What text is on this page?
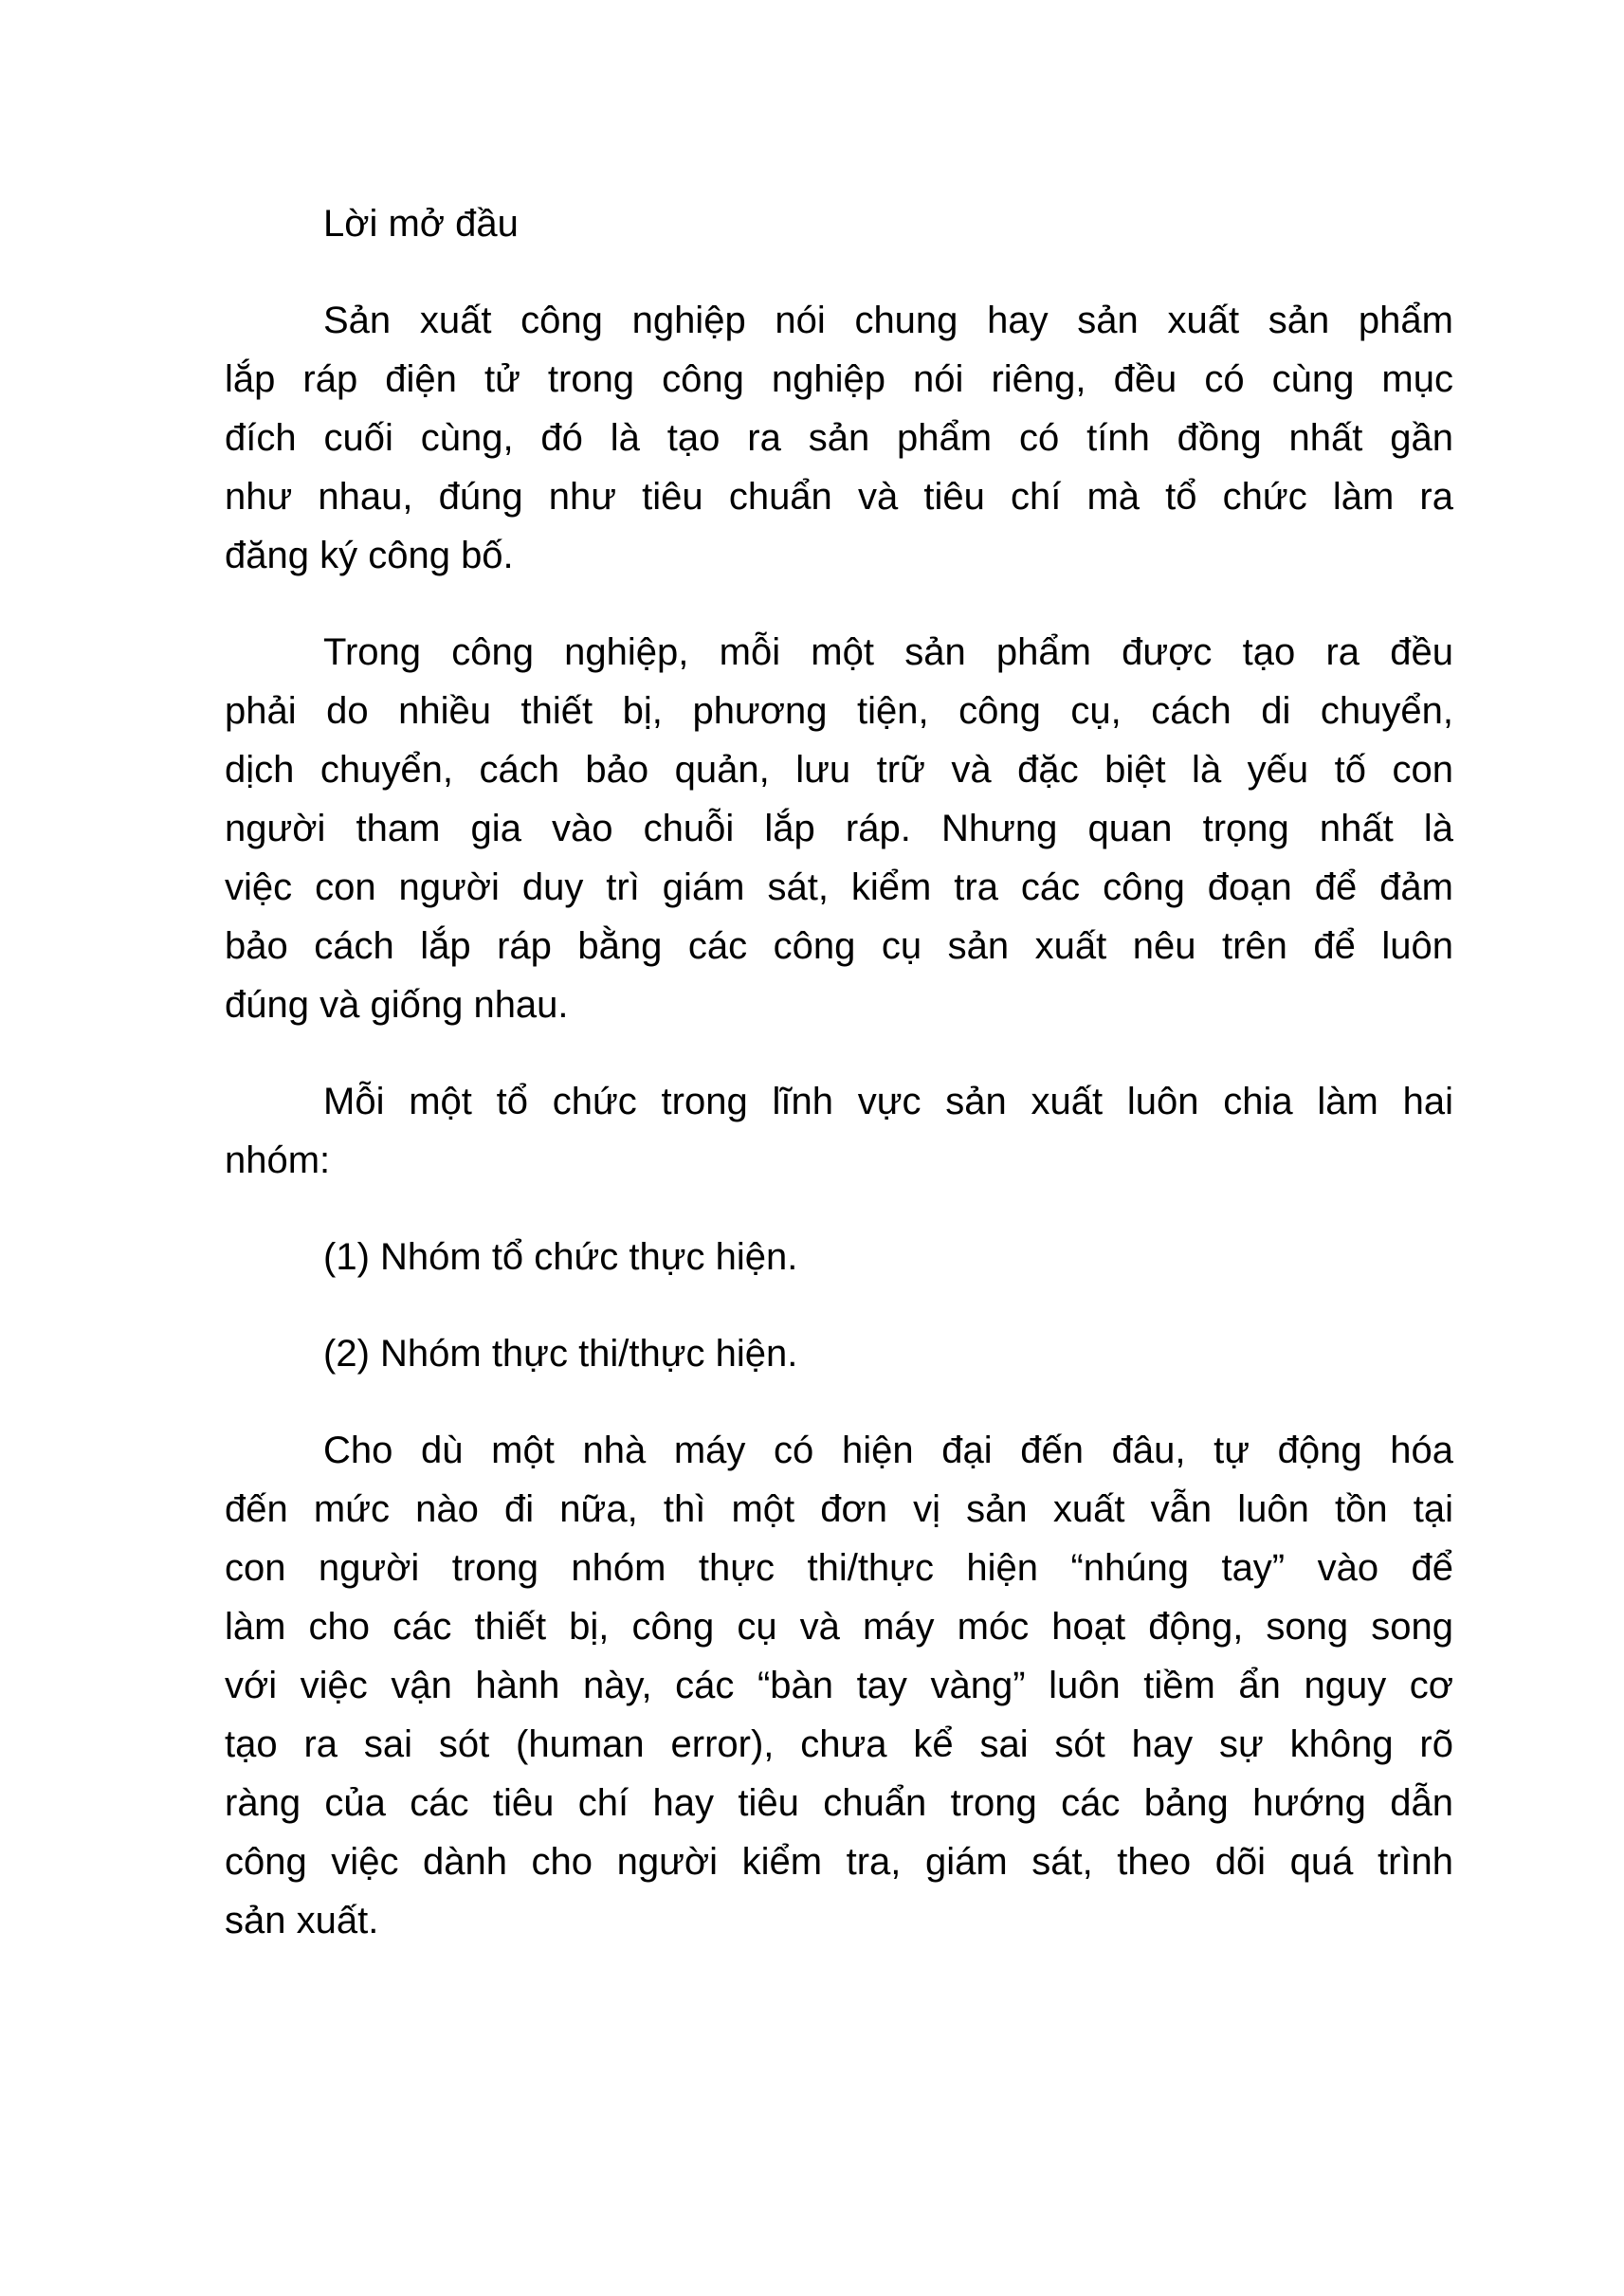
Lời mở đầu
Sản xuất công nghiệp nói chung hay sản xuất sản phẩm
lắp ráp điện tử trong công nghiệp nói riêng, đều có cùng mục
đích cuối cùng, đó là tạo ra sản phẩm có tính đồng nhất gần
như nhau, đúng như tiêu chuẩn và tiêu chí mà tổ chức làm ra
đăng ký công bố.
Trong công nghiệp, mỗi một sản phẩm được tạo ra đều
phải do nhiều thiết bị, phương tiện, công cụ, cách di chuyển,
dịch chuyển, cách bảo quản, lưu trữ và đặc biệt là yếu tố con
người tham gia vào chuỗi lắp ráp. Nhưng quan trọng nhất là
việc con người duy trì giám sát, kiểm tra các công đoạn để đảm
bảo cách lắp ráp bằng các công cụ sản xuất nêu trên để luôn
đúng và giống nhau.
Mỗi một tổ chức trong lĩnh vực sản xuất luôn chia làm hai
nhóm:
(1) Nhóm tổ chức thực hiện.
(2) Nhóm thực thi/thực hiện.
Cho dù một nhà máy có hiện đại đến đâu, tự động hóa
đến mức nào đi nữa, thì một đơn vị sản xuất vẫn luôn tồn tại
con người trong nhóm thực thi/thực hiện “nhúng tay” vào để
làm cho các thiết bị, công cụ và máy móc hoạt động, song song
với việc vận hành này, các “bàn tay vàng” luôn tiềm ẩn nguy cơ
tạo ra sai sót (human error), chưa kể sai sót hay sự không rõ
ràng của các tiêu chí hay tiêu chuẩn trong các bảng hướng dẫn
công việc dành cho người kiểm tra, giám sát, theo dõi quá trình
sản xuất.
